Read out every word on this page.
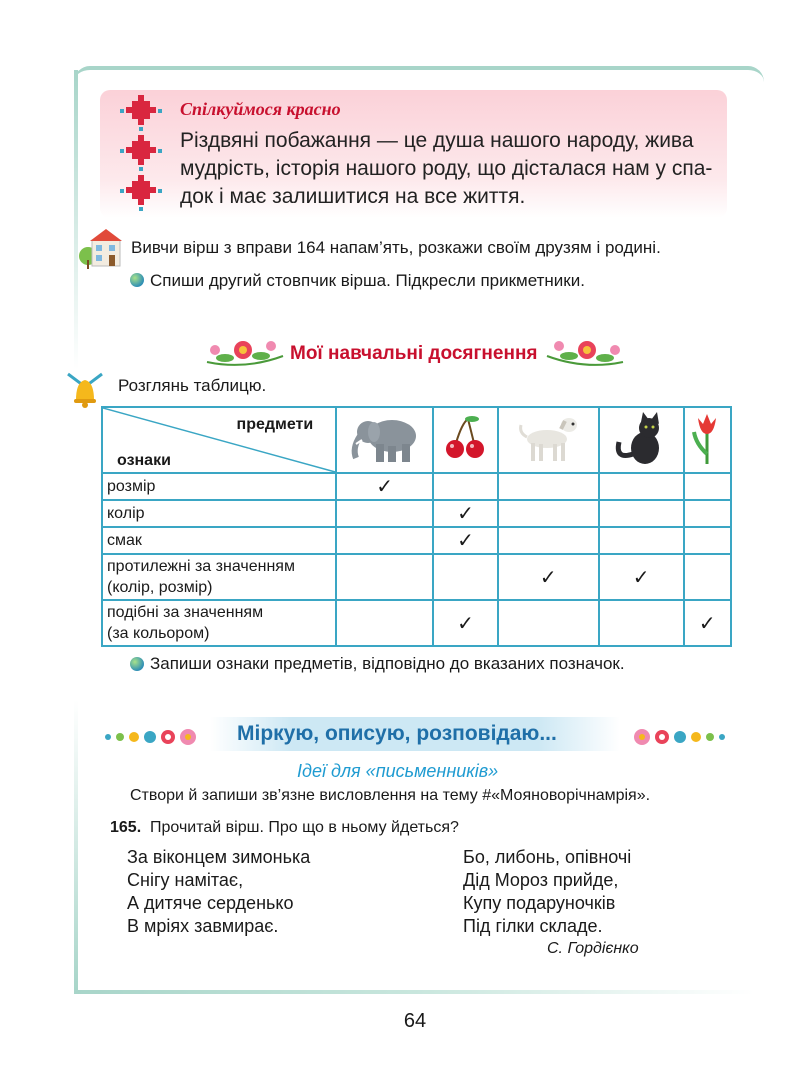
Спілкуймося красно
Різдвяні побажання — це душа нашого народу, жива
мудрість, історія нашого роду, що дісталася нам у спа-
док і має залишитися на все життя.
Вивчи вірш з вправи 164 напам’ять, розкажи своїм друзям і родині.
Спиши другий стовпчик вірша. Підкресли прикметники.
Мої навчальні досягнення
Розглянь таблицю.
предмети
ознаки

розмір	✓				

колір		✓			

смак		✓			

протилежні за значенням
(колір, розмір)			✓	✓	

подібні за значенням
(за кольором)		✓			✓
Запиши ознаки предметів, відповідно до вказаних позначок.
Міркую, описую, розповідаю...
Ідеї для «письменників»
Створи й запиши зв’язне висловлення на тему #«Мояноворічнамрія».
165. Прочитай вірш. Про що в ньому йдеться?
За віконцем зимонька
Снігу намітає,
А дитяче серденько
В мріях завмирає.
Бо, либонь, опівночі
Дід Мороз прийде,
Купу подаруночків
Під гілки складе.
С. Гордієнко
64
